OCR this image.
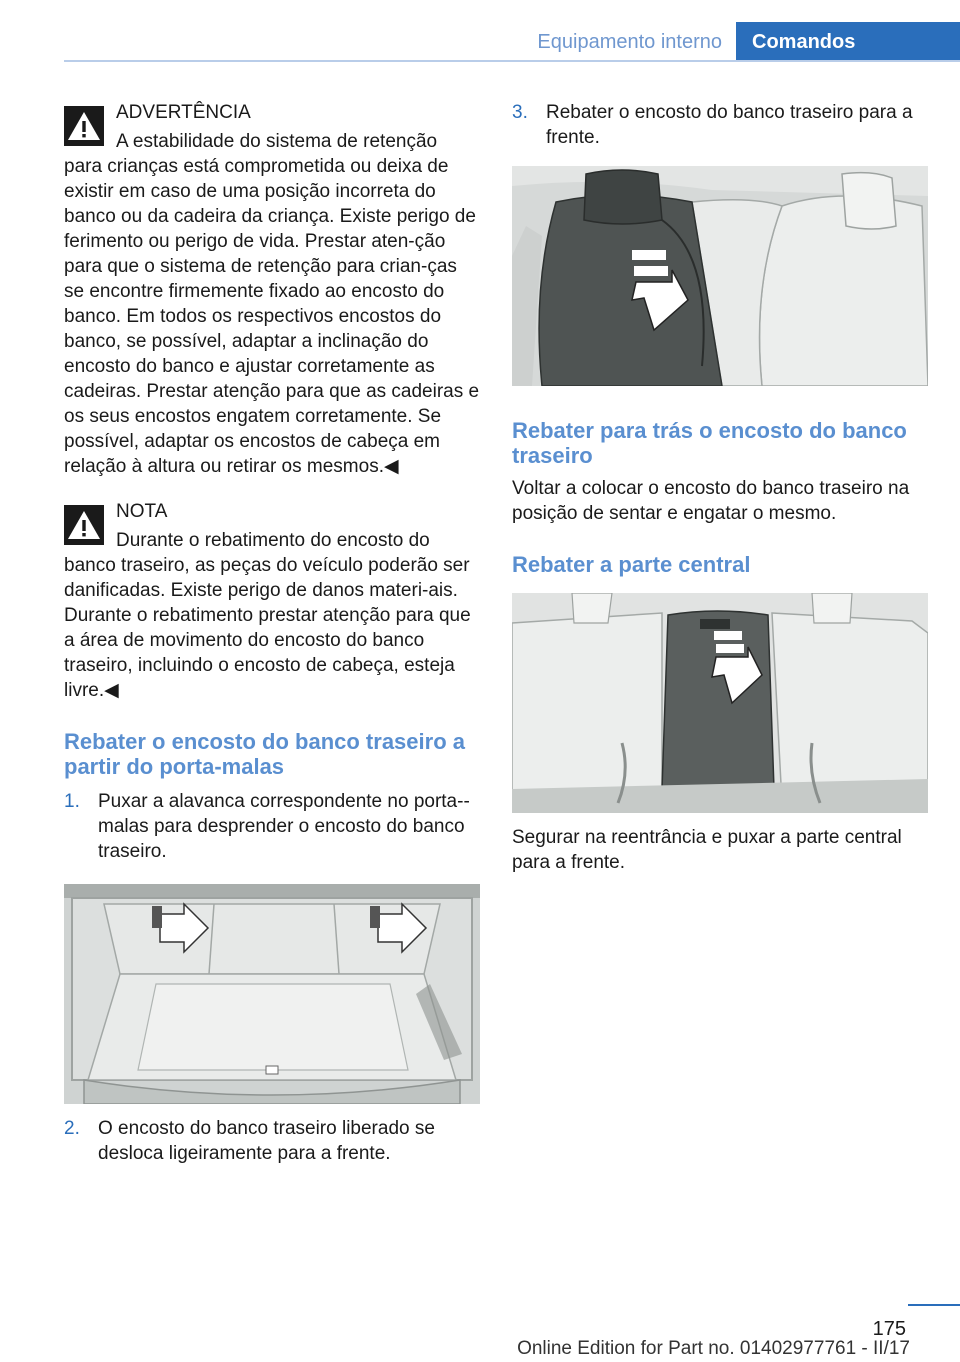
Equipamento interno	Comandos
ADVERTÊNCIA

A estabilidade do sistema de retenção
para crianças está comprometida ou deixa de existir em caso de uma posição incorreta do banco ou da cadeira da criança. Existe perigo de ferimento ou perigo de vida. Prestar aten‐ção para que o sistema de retenção para crian‐ças se encontre firmemente fixado ao encosto do banco. Em todos os respectivos encostos do banco, se possível, adaptar a inclinação do encosto do banco e ajustar corretamente as cadeiras. Prestar atenção para que as cadeiras e os seus encostos engatem corretamente. Se possível, adaptar os encostos de cabeça em relação à altura ou retirar os mesmos.◀

NOTA

Durante o rebatimento do encosto do
banco traseiro, as peças do veículo poderão ser danificadas. Existe perigo de danos materi‐ais. Durante o rebatimento prestar atenção para que a área de movimento do encosto do banco traseiro, incluindo o encosto de cabeça, esteja livre.◀

Rebater o encosto do banco traseiro a partir do porta-malas
1. Puxar a alavanca correspondente no porta-‐malas para desprender o encosto do banco traseiro.
2. O encosto do banco traseiro liberado se desloca ligeiramente para a frente.
3. Rebater o encosto do banco traseiro para a frente.
Rebater para trás o encosto do banco traseiro

Voltar a colocar o encosto do banco traseiro na posição de sentar e engatar o mesmo.

Rebater a parte central

Segurar na reentrância e puxar a parte central para a frente.

175
Online Edition for Part no. 01402977761 - II/17
